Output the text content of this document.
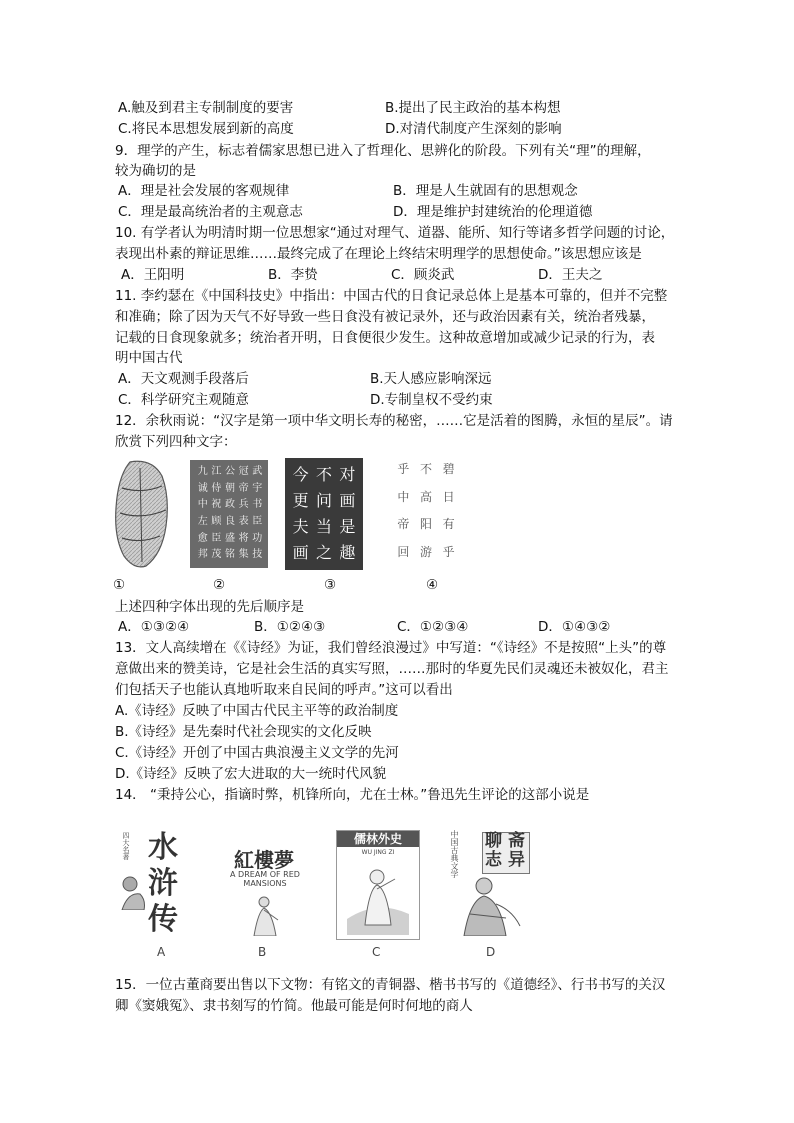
A.触及到君主专制制度的要害	B.提出了民主政治的基本构想
C.将民本思想发展到新的高度	D.对清代制度产生深刻的影响
9．理学的产生，标志着儒家思想已进入了哲理化、思辨化的阶段。下列有关“理”的理解，
较为确切的是
A．理是社会发展的客观规律	B．理是人生就固有的思想观念
C．理是最高统治者的主观意志	D．理是维护封建统治的伦理道德
10. 有学者认为明清时期一位思想家“通过对理气、道器、能所、知行等诸多哲学问题的讨论，
表现出朴素的辩证思维……最终完成了在理论上终结宋明理学的思想使命。”该思想应该是
A．王阳明	B．李贽	C．顾炎武	D．王夫之
11. 李约瑟在《中国科技史》中指出：中国古代的日食记录总体上是基本可靠的，但并不完整
和准确；除了因为天气不好导致一些日食没有被记录外，还与政治因素有关，统治者残暴，
记载的日食现象就多；统治者开明，日食便很少发生。这种故意增加或减少记录的行为，表
明中国古代
A．天文观测手段落后	B.天人感应影响深远
C．科学研究主观随意	D.专制皇权不受约束
12．余秋雨说：“汉字是第一项中华文明长寿的秘密，……它是活着的图腾，永恒的星辰”。请
欣赏下列四种文字：
九 江 公 冠 武
诚 侍 朝 帝 宇
中 祝 政 兵 书
左 顾 良 表 臣
愈 臣 盛 将 功
邦 茂 铭 集 技
今 不 对
更 问 画
夫 当 是
画 之 趣
乎 不 碧
中 高 日
帝 阳 有
回 游 乎
①	②	③	④
上述四种字体出现的先后顺序是
A．①③②④	B．①②④③	C．①②③④	D．①④③②
13．文人高续增在《《诗经》为证，我们曾经浪漫过》中写道：“《诗经》不是按照“上头”的尊
意做出来的赞美诗，它是社会生活的真实写照，……那时的华夏先民们灵魂还未被奴化，君主
们包括天子也能认真地听取来自民间的呼声。”这可以看出
A.《诗经》反映了中国古代民主平等的政治制度
B.《诗经》是先秦时代社会现实的文化反映
C.《诗经》开创了中国古典浪漫主义文学的先河
D.《诗经》反映了宏大进取的大一统时代风貌
14． “秉持公心，指谪时弊，机锋所向，尤在士林。”鲁迅先生评论的这部小说是
四大名著 水
浒
传
A
紅樓夢
A DREAM OF RED MANSIONS
B
儒林外史
WU JING ZI
C
中国古典文学 聊 斋
志 异
D
15．一位古董商要出售以下文物：有铭文的青铜器、楷书书写的《道德经》、行书书写的关汉
卿《窦娥冤》、隶书刻写的竹简。他最可能是何时何地的商人
